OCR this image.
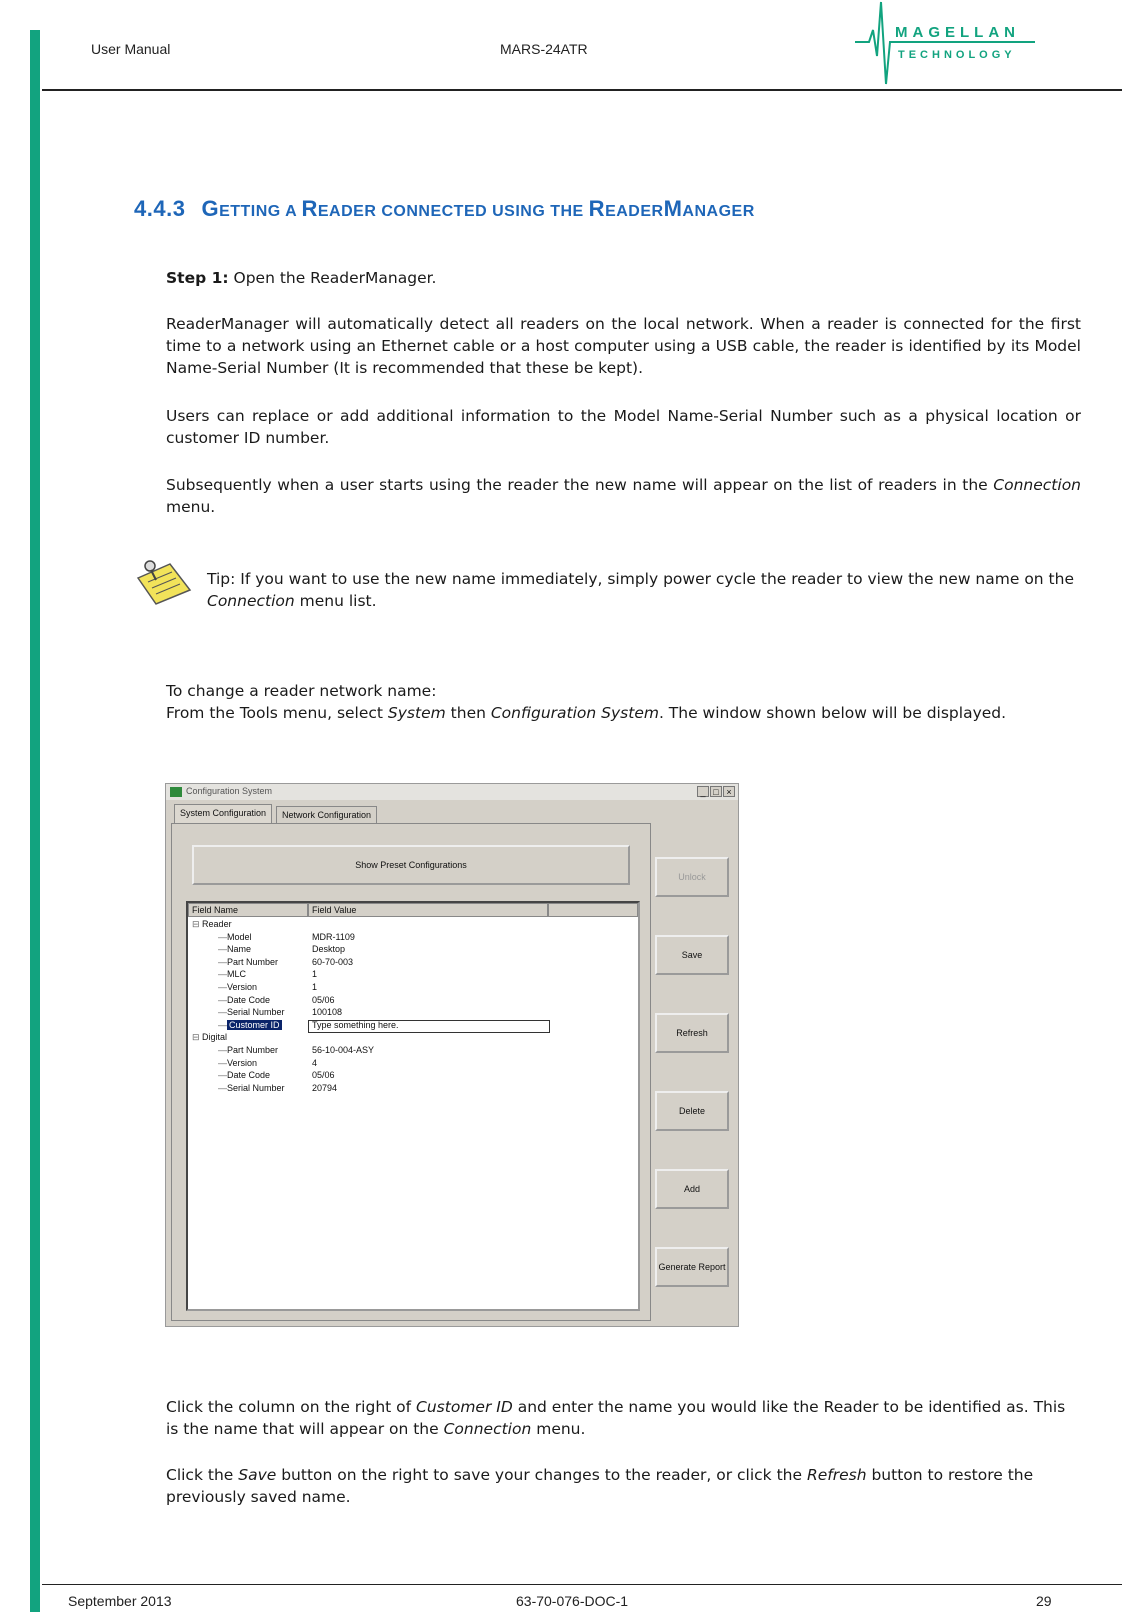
User Manual	MARS-24ATR
MAGELLAN
TECHNOLOGY
4.4.3 GETTING A READER CONNECTED USING THE READERMANAGER
Step 1: Open the ReaderManager.
ReaderManager will automatically detect all readers on the local network. When a reader is connected for the first time to a network using an Ethernet cable or a host computer using a USB cable, the reader is identified by its Model Name-Serial Number (It is recommended that these be kept).
Users can replace or add additional information to the Model Name-Serial Number such as a physical location or customer ID number.
Subsequently when a user starts using the reader the new name will appear on the list of readers in the Connection menu.
Tip: If you want to use the new name immediately, simply power cycle the reader to view the new name on the Connection menu list.
To change a reader network name:
From the Tools menu, select System then Configuration System. The window shown below will be displayed.
Configuration System	_ □ ×
System Configuration	Network Configuration
Show Preset Configurations
Field Name	Field Value
⊟ Reader
—Model	MDR-1109
—Name	Desktop
—Part Number	60-70-003
—MLC	1
—Version	1
—Date Code	05/06
—Serial Number	100108
— Customer ID	Type something here.
⊟ Digital
—Part Number	56-10-004-ASY
—Version	4
—Date Code	05/06
—Serial Number	20794
Unlock
Save
Refresh
Delete
Add
Generate Report
Click the column on the right of Customer ID and enter the name you would like the Reader to be identified as. This is the name that will appear on the Connection menu.
Click the Save button on the right to save your changes to the reader, or click the Refresh button to restore the previously saved name.
September 2013	63-70-076-DOC-1	29
